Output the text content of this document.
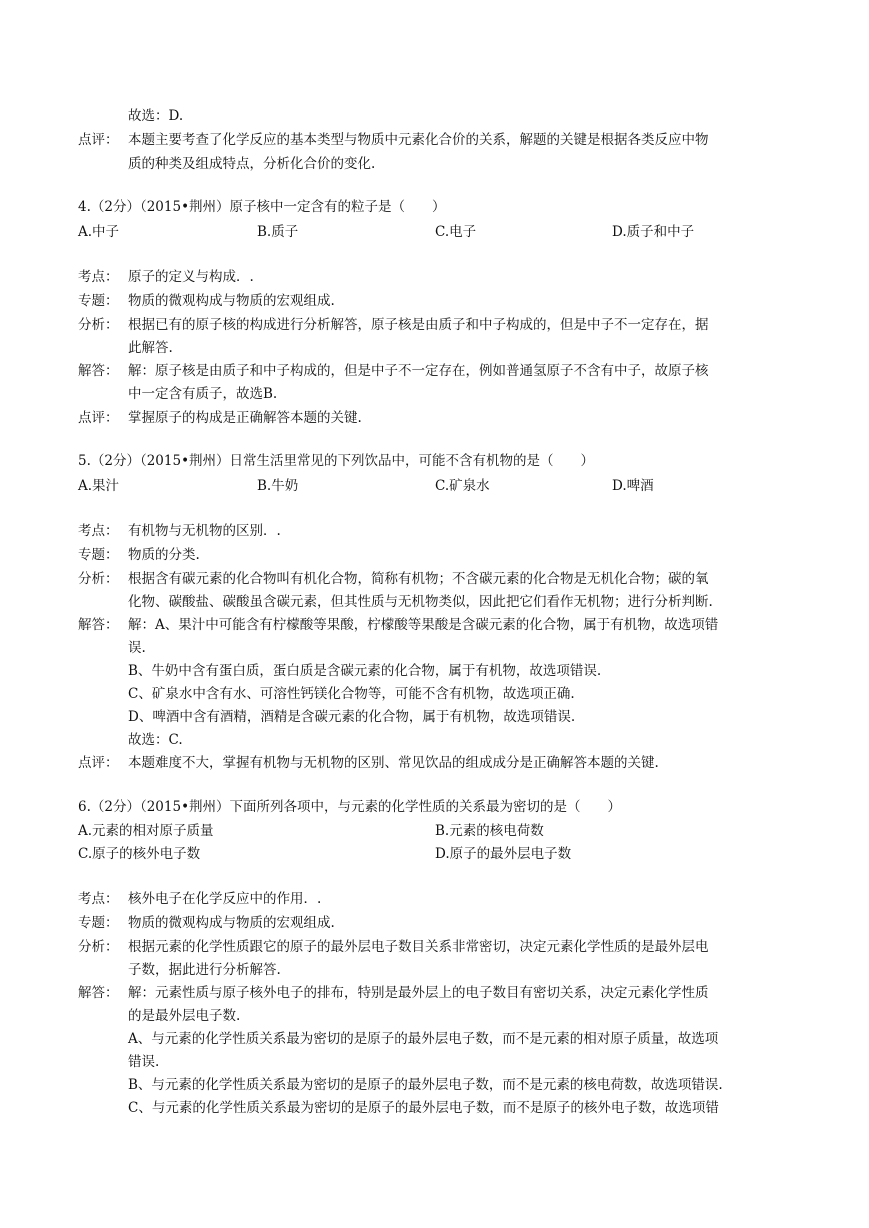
故选：D.
点评： 本题主要考查了化学反应的基本类型与物质中元素化合价的关系，解题的关键是根据各类反应中物
质的种类及组成特点，分析化合价的变化.
4.（2分）（2015•荆州）原子核中一定含有的粒子是（　　）
A.中子	B.质子	C.电子	D.质子和中子
考点： 原子的定义与构成．.
专题： 物质的微观构成与物质的宏观组成.
分析： 根据已有的原子核的构成进行分析解答，原子核是由质子和中子构成的，但是中子不一定存在，据
此解答.
解答： 解：原子核是由质子和中子构成的，但是中子不一定存在，例如普通氢原子不含有中子，故原子核
中一定含有质子，故选B.
点评： 掌握原子的构成是正确解答本题的关键.
5.（2分）（2015•荆州）日常生活里常见的下列饮品中，可能不含有机物的是（　　）
A.果汁	B.牛奶	C.矿泉水	D.啤酒
考点： 有机物与无机物的区别．.
专题： 物质的分类.
分析： 根据含有碳元素的化合物叫有机化合物，简称有机物；不含碳元素的化合物是无机化合物；碳的氧
化物、碳酸盐、碳酸虽含碳元素，但其性质与无机物类似，因此把它们看作无机物；进行分析判断.
解答： 解：A、果汁中可能含有柠檬酸等果酸，柠檬酸等果酸是含碳元素的化合物，属于有机物，故选项错
误.
B、牛奶中含有蛋白质，蛋白质是含碳元素的化合物，属于有机物，故选项错误.
C、矿泉水中含有水、可溶性钙镁化合物等，可能不含有机物，故选项正确.
D、啤酒中含有酒精，酒精是含碳元素的化合物，属于有机物，故选项错误.
故选：C.
点评： 本题难度不大，掌握有机物与无机物的区别、常见饮品的组成成分是正确解答本题的关键.
6.（2分）（2015•荆州）下面所列各项中，与元素的化学性质的关系最为密切的是（　　）
A.元素的相对原子质量	B.元素的核电荷数
C.原子的核外电子数	D.原子的最外层电子数
考点： 核外电子在化学反应中的作用．.
专题： 物质的微观构成与物质的宏观组成.
分析： 根据元素的化学性质跟它的原子的最外层电子数目关系非常密切，决定元素化学性质的是最外层电
子数，据此进行分析解答.
解答： 解：元素性质与原子核外电子的排布，特别是最外层上的电子数目有密切关系，决定元素化学性质
的是最外层电子数.
A、与元素的化学性质关系最为密切的是原子的最外层电子数，而不是元素的相对原子质量，故选项
错误.
B、与元素的化学性质关系最为密切的是原子的最外层电子数，而不是元素的核电荷数，故选项错误.
C、与元素的化学性质关系最为密切的是原子的最外层电子数，而不是原子的核外电子数，故选项错
